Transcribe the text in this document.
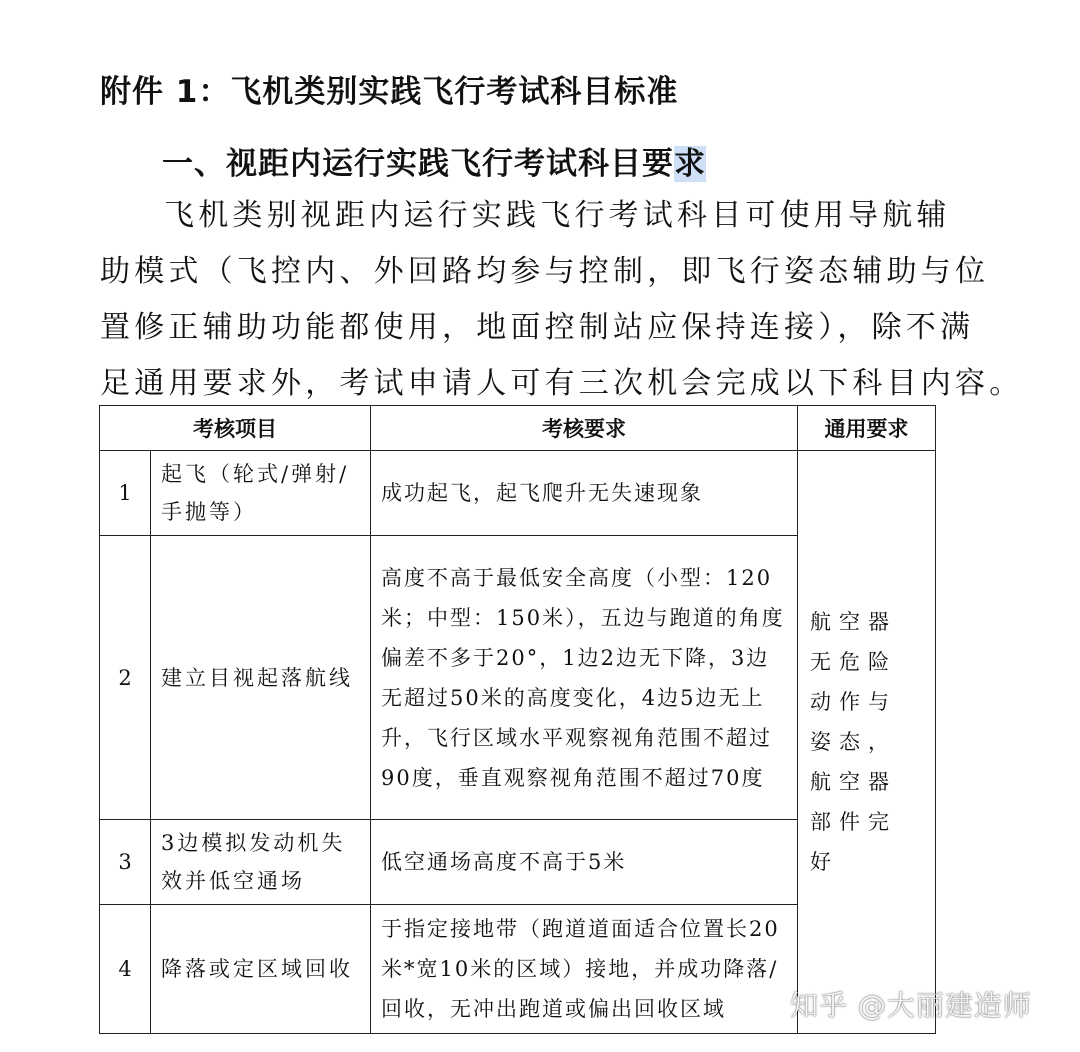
附件 1：飞机类别实践飞行考试科目标准
一、视距内运行实践飞行考试科目要求
飞机类别视距内运行实践飞行考试科目可使用导航辅
助模式（飞控内、外回路均参与控制，即飞行姿态辅助与位
置修正辅助功能都使用，地面控制站应保持连接），除不满
足通用要求外，考试申请人可有三次机会完成以下科目内容。
考核项目		考核要求	通用要求
1	起飞（轮式/弹射/手抛等）	成功起飞，起飞爬升无失速现象	航空器无危险动作与姿态，航空器部件完好
2	建立目视起落航线	高度不高于最低安全高度（小型：120米；中型：150米），五边与跑道的角度偏差不多于20°，1边2边无下降，3边无超过50米的高度变化，4边5边无上升，飞行区域水平观察视角范围不超过90度，垂直观察视角范围不超过70度	
3	3边模拟发动机失效并低空通场	低空通场高度不高于5米	
4	降落或定区域回收	于指定接地带（跑道道面适合位置长20米*宽10米的区域）接地，并成功降落/回收，无冲出跑道或偏出回收区域	知乎 @大丽建造师
